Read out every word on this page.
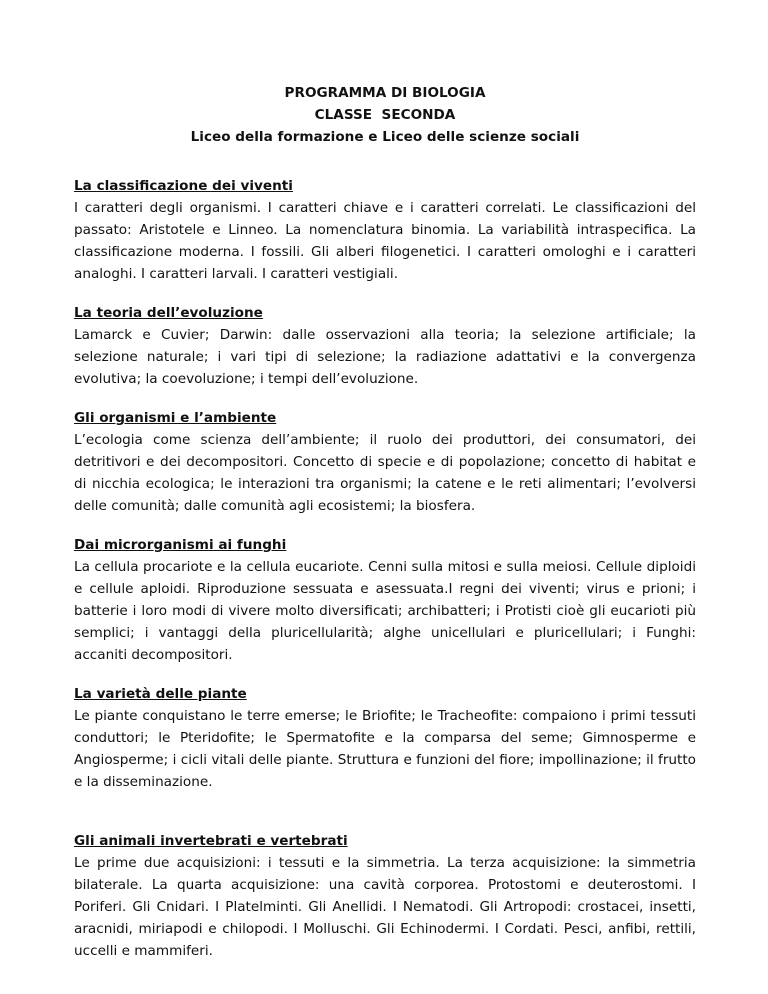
PROGRAMMA DI BIOLOGIA
CLASSE  SECONDA
Liceo della formazione e Liceo delle scienze sociali
La classificazione dei viventi
I caratteri degli organismi. I caratteri chiave e i caratteri correlati. Le classificazioni del passato: Aristotele e Linneo. La nomenclatura binomia. La variabilità intraspecifica. La classificazione moderna. I fossili. Gli alberi filogenetici. I caratteri omologhi e i caratteri analoghi. I caratteri larvali. I caratteri vestigiali.
La teoria dell’evoluzione
Lamarck e Cuvier; Darwin: dalle osservazioni alla teoria; la selezione artificiale; la selezione naturale; i vari tipi di selezione; la radiazione adattativi e la convergenza evolutiva; la coevoluzione; i tempi dell’evoluzione.
Gli organismi e l’ambiente
L’ecologia come scienza dell’ambiente; il ruolo dei produttori, dei consumatori, dei detritivori e dei decompositori. Concetto di specie e di popolazione; concetto di habitat e di nicchia ecologica; le interazioni tra organismi; la catene e le reti alimentari; l’evolversi delle comunità; dalle comunità agli ecosistemi; la biosfera.
Dai microrganismi ai funghi
La cellula procariote e la cellula eucariote. Cenni sulla mitosi e sulla meiosi. Cellule diploidi e cellule aploidi. Riproduzione sessuata e asessuata.I regni dei viventi; virus e prioni; i batterie i loro modi di vivere molto diversificati; archibatteri; i Protisti cioè gli eucarioti più semplici; i vantaggi della pluricellularità; alghe unicellulari e pluricellulari; i Funghi: accaniti decompositori.
La varietà delle piante
Le piante conquistano le terre emerse; le Briofite; le Tracheofite: compaiono i primi tessuti conduttori; le Pteridofite; le Spermatofite e la comparsa del seme; Gimnosperme e Angiosperme; i cicli vitali delle piante. Struttura e funzioni del fiore; impollinazione; il frutto e la disseminazione.
Gli animali invertebrati e vertebrati
Le prime due acquisizioni: i tessuti e la simmetria. La terza acquisizione: la simmetria bilaterale. La quarta acquisizione: una cavità corporea. Protostomi e deuterostomi. I Poriferi. Gli Cnidari. I Platelminti. Gli Anellidi. I Nematodi. Gli Artropodi: crostacei, insetti, aracnidi, miriapodi e chilopodi. I Molluschi. Gli Echinodermi. I Cordati. Pesci, anfibi, rettili, uccelli e mammiferi.
